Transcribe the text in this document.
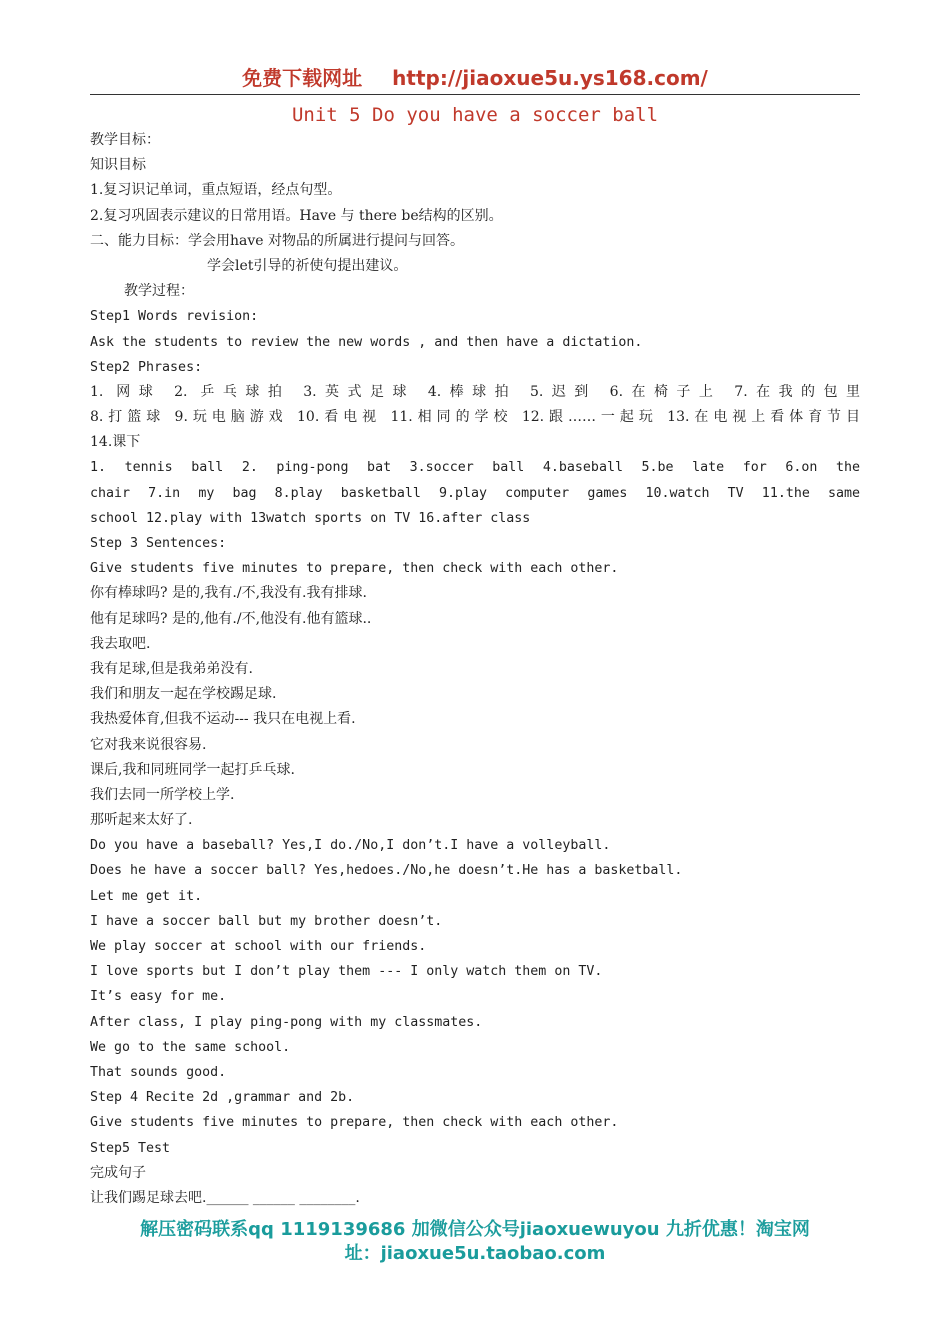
免费下载网址 http://jiaoxue5u.ys168.com/
Unit 5 Do you have a soccer ball
教学目标：
知识目标
1.复习识记单词，重点短语，经点句型。
2.复习巩固表示建议的日常用语。Have 与 there be结构的区别。
二、能力目标：学会用have 对物品的所属进行提问与回答。
学会let引导的祈使句提出建议。
教学过程：
Step1 Words revision:
Ask the students to review the new words , and then have a dictation.
Step2 Phrases:
1. 网球 2. 乒乓球拍 3.英式足球 4.棒球拍 5.迟到 6.在椅子上 7.在我的包里
8.打篮球 9.玩电脑游戏 10.看电视 11.相同的学校 12.跟……一起玩 13.在电视上看体育节目
14.课下
1. tennis ball 2. ping-pong bat 3.soccer ball 4.baseball 5.be late for 6.on the
chair 7.in my bag 8.play basketball 9.play computer games 10.watch TV 11.the same
school 12.play with 13watch sports on TV 16.after class
Step 3 Sentences:
Give students five minutes to prepare, then check with each other.
你有棒球吗? 是的,我有./不,我没有.我有排球.
他有足球吗? 是的,他有./不,他没有.他有篮球..
我去取吧.
我有足球,但是我弟弟没有.
我们和朋友一起在学校踢足球.
我热爱体育,但我不运动--- 我只在电视上看.
它对我来说很容易.
课后,我和同班同学一起打乒乓球.
我们去同一所学校上学.
那听起来太好了.
Do you have a baseball? Yes,I do./No,I don’t.I have a volleyball.
Does he have a soccer ball? Yes,hedoes./No,he doesn’t.He has a basketball.
Let me get it.
I have a soccer ball but my brother doesn’t.
We play soccer at school with our friends.
I love sports but I don’t play them --- I only watch them on TV.
It’s easy for me.
After class, I play ping-pong with my classmates.
We go to the same school.
That sounds good.
Step 4 Recite 2d ,grammar and 2b.
Give students five minutes to prepare, then check with each other.
Step5 Test
完成句子
让我们踢足球去吧.______ ______ ________.
解压密码联系qq 1119139686 加微信公众号jiaoxuewuyou 九折优惠！淘宝网
址：jiaoxue5u.taobao.com
